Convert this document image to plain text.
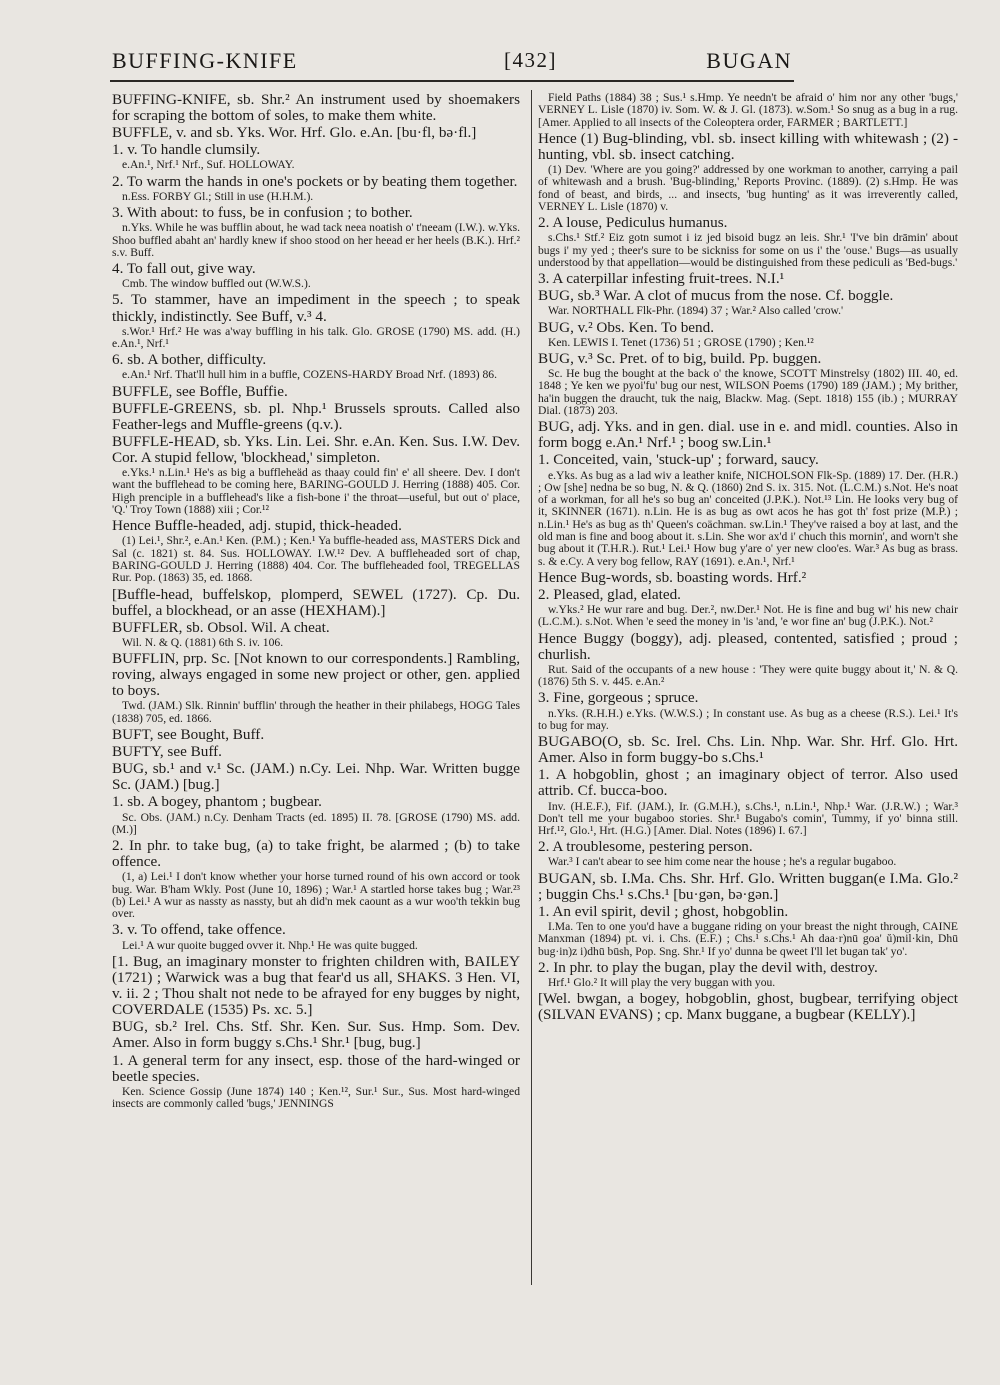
BUFFING-KNIFE	[432]	BUGAN

BUFFING-KNIFE, sb. Shr.² An instrument used by shoemakers for scraping the bottom of soles, to make them white.

BUFFLE, v. and sb. Yks. Wor. Hrf. Glo. e.An. [bu·fl, bə·fl.]

1. v. To handle clumsily.

e.An.¹, Nrf.¹ Nrf., Suf. HOLLOWAY.

2. To warm the hands in one's pockets or by beating them together.

n.Ess. FORBY Gl.; Still in use (H.H.M.).

3. With about: to fuss, be in confusion ; to bother.

n.Yks. While he was bufflin about, he wad tack neea noatish o' t'neeam (I.W.). w.Yks. Shoo buffled abaht an' hardly knew if shoo stood on her heead er her heels (B.K.). Hrf.² s.v. Buff.

4. To fall out, give way.

Cmb. The window buffled out (W.W.S.).

5. To stammer, have an impediment in the speech ; to speak thickly, indistinctly. See Buff, v.³ 4.

s.Wor.¹ Hrf.² He was a'way buffling in his talk. Glo. GROSE (1790) MS. add. (H.) e.An.¹, Nrf.¹

6. sb. A bother, difficulty.

e.An.¹ Nrf. That'll hull him in a buffle, COZENS-HARDY Broad Nrf. (1893) 86.

BUFFLE, see Boffle, Buffie.

BUFFLE-GREENS, sb. pl. Nhp.¹ Brussels sprouts. Called also Feather-legs and Muffle-greens (q.v.).

BUFFLE-HEAD, sb. Yks. Lin. Lei. Shr. e.An. Ken. Sus. I.W. Dev. Cor. A stupid fellow, 'blockhead,' simpleton.

e.Yks.¹ n.Lin.¹ He's as big a buffleheäd as thaay could fin' e' all sheere. Dev. I don't want the bufflehead to be coming here, BARING-GOULD J. Herring (1888) 405. Cor. High prenciple in a bufflehead's like a fish-bone i' the throat—useful, but out o' place, 'Q.' Troy Town (1888) xiii ; Cor.¹²

Hence Buffle-headed, adj. stupid, thick-headed.

(1) Lei.¹, Shr.², e.An.¹ Ken. (P.M.) ; Ken.¹ Ya buffle-headed ass, MASTERS Dick and Sal (c. 1821) st. 84. Sus. HOLLOWAY. I.W.¹² Dev. A buffleheaded sort of chap, BARING-GOULD J. Herring (1888) 404. Cor. The buffleheaded fool, TREGELLAS Rur. Pop. (1863) 35, ed. 1868.

[Buffle-head, buffelskop, plomperd, SEWEL (1727). Cp. Du. buffel, a blockhead, or an asse (HEXHAM).]

BUFFLER, sb. Obsol. Wil. A cheat.

Wil. N. & Q. (1881) 6th S. iv. 106.

BUFFLIN, prp. Sc. [Not known to our correspondents.] Rambling, roving, always engaged in some new project or other, gen. applied to boys.

Twd. (JAM.) Slk. Rinnin' bufflin' through the heather in their philabegs, HOGG Tales (1838) 705, ed. 1866.

BUFT, see Bought, Buff.

BUFTY, see Buff.

BUG, sb.¹ and v.¹ Sc. (JAM.) n.Cy. Lei. Nhp. War. Written bugge Sc. (JAM.) [bug.]

1. sb. A bogey, phantom ; bugbear.

Sc. Obs. (JAM.) n.Cy. Denham Tracts (ed. 1895) II. 78. [GROSE (1790) MS. add. (M.)]

2. In phr. to take bug, (a) to take fright, be alarmed ; (b) to take offence.

(1, a) Lei.¹ I don't know whether your horse turned round of his own accord or took bug. War. B'ham Wkly. Post (June 10, 1896) ; War.¹ A startled horse takes bug ; War.²³ (b) Lei.¹ A wur as nassty as nassty, but ah did'n mek caount as a wur woo'th tekkin bug over.

3. v. To offend, take offence.

Lei.¹ A wur quoite bugged ovver it. Nhp.¹ He was quite bugged.

[1. Bug, an imaginary monster to frighten children with, BAILEY (1721) ; Warwick was a bug that fear'd us all, SHAKS. 3 Hen. VI, v. ii. 2 ; Thou shalt not nede to be afrayed for eny bugges by night, COVERDALE (1535) Ps. xc. 5.]

BUG, sb.² Irel. Chs. Stf. Shr. Ken. Sur. Sus. Hmp. Som. Dev. Amer. Also in form buggy s.Chs.¹ Shr.¹ [bug, bug.]

1. A general term for any insect, esp. those of the hard-winged or beetle species.

Ken. Science Gossip (June 1874) 140 ; Ken.¹², Sur.¹ Sur., Sus. Most hard-winged insects are commonly called 'bugs,' JENNINGS

Field Paths (1884) 38 ; Sus.¹ s.Hmp. Ye needn't be afraid o' him nor any other 'bugs,' VERNEY L. Lisle (1870) iv. Som. W. & J. Gl. (1873). w.Som.¹ So snug as a bug in a rug. [Amer. Applied to all insects of the Coleoptera order, FARMER ; BARTLETT.]

Hence (1) Bug-blinding, vbl. sb. insect killing with whitewash ; (2) -hunting, vbl. sb. insect catching.

(1) Dev. 'Where are you going?' addressed by one workman to another, carrying a pail of whitewash and a brush. 'Bug-blinding,' Reports Provinc. (1889). (2) s.Hmp. He was fond of beast, and birds, ... and insects, 'bug hunting' as it was irreverently called, VERNEY L. Lisle (1870) v.

2. A louse, Pediculus humanus.

s.Chs.¹ Stf.² Eiz gotn sumot i iz jed bisoid bugz ən leis. Shr.¹ 'I've bin drāmin' about bugs i' my yed ; theer's sure to be sickniss for some on us i' the 'ouse.' Bugs—as usually understood by that appellation—would be distinguished from these pediculi as 'Bed-bugs.'

3. A caterpillar infesting fruit-trees. N.I.¹

BUG, sb.³ War. A clot of mucus from the nose. Cf. boggle.

War. NORTHALL Flk-Phr. (1894) 37 ; War.² Also called 'crow.'

BUG, v.² Obs. Ken. To bend.

Ken. LEWIS I. Tenet (1736) 51 ; GROSE (1790) ; Ken.¹²

BUG, v.³ Sc. Pret. of to big, build. Pp. buggen.

Sc. He bug the bought at the back o' the knowe, SCOTT Minstrelsy (1802) III. 40, ed. 1848 ; Ye ken we pyoi'fu' bug our nest, WILSON Poems (1790) 189 (JAM.) ; My brither, ha'in buggen the draucht, tuk the naig, Blackw. Mag. (Sept. 1818) 155 (ib.) ; MURRAY Dial. (1873) 203.

BUG, adj. Yks. and in gen. dial. use in e. and midl. counties. Also in form bogg e.An.¹ Nrf.¹ ; boog sw.Lin.¹

1. Conceited, vain, 'stuck-up' ; forward, saucy.

e.Yks. As bug as a lad wiv a leather knife, NICHOLSON Flk-Sp. (1889) 17. Der. (H.R.) ; Ow [she] nedna be so bug, N. & Q. (1860) 2nd S. ix. 315. Not. (L.C.M.) s.Not. He's noat of a workman, for all he's so bug an' conceited (J.P.K.). Not.¹³ Lin. He looks very bug of it, SKINNER (1671). n.Lin. He is as bug as owt acos he has got th' fost prize (M.P.) ; n.Lin.¹ He's as bug as th' Queen's coächman. sw.Lin.¹ They've raised a boy at last, and the old man is fine and boog about it. s.Lin. She wor ax'd i' chuch this mornin', and worn't she bug about it (T.H.R.). Rut.¹ Lei.¹ How bug y'are o' yer new cloo'es. War.³ As bug as brass. s. & e.Cy. A very bog fellow, RAY (1691). e.An.¹, Nrf.¹

Hence Bug-words, sb. boasting words. Hrf.²

2. Pleased, glad, elated.

w.Yks.² He wur rare and bug. Der.², nw.Der.¹ Not. He is fine and bug wi' his new chair (L.C.M.). s.Not. When 'e seed the money in 'is 'and, 'e wor fine an' bug (J.P.K.). Not.²

Hence Buggy (boggy), adj. pleased, contented, satisfied ; proud ; churlish.

Rut. Said of the occupants of a new house : 'They were quite buggy about it,' N. & Q. (1876) 5th S. v. 445. e.An.²

3. Fine, gorgeous ; spruce.

n.Yks. (R.H.H.) e.Yks. (W.W.S.) ; In constant use. As bug as a cheese (R.S.). Lei.¹ It's to bug for may.

BUGABO(O, sb. Sc. Irel. Chs. Lin. Nhp. War. Shr. Hrf. Glo. Hrt. Amer. Also in form buggy-bo s.Chs.¹

1. A hobgoblin, ghost ; an imaginary object of terror. Also used attrib. Cf. bucca-boo.

Inv. (H.E.F.), Fif. (JAM.), Ir. (G.M.H.), s.Chs.¹, n.Lin.¹, Nhp.¹ War. (J.R.W.) ; War.³ Don't tell me your bugaboo stories. Shr.¹ Bugabo's comin', Tummy, if yo' binna still. Hrf.¹², Glo.¹, Hrt. (H.G.) [Amer. Dial. Notes (1896) I. 67.]

2. A troublesome, pestering person.

War.³ I can't abear to see him come near the house ; he's a regular bugaboo.

BUGAN, sb. I.Ma. Chs. Shr. Hrf. Glo. Written buggan(e I.Ma. Glo.² ; buggin Chs.¹ s.Chs.¹ [bu·gən, bə·gən.]

1. An evil spirit, devil ; ghost, hobgoblin.

I.Ma. Ten to one you'd have a buggane riding on your breast the night through, CAINE Manxman (1894) pt. vi. i. Chs. (E.F.) ; Chs.¹ s.Chs.¹ Ah daa·r)nū goa' ŭ)mil·kin, Dhū bug·in)z i)dhū būsh, Pop. Sng. Shr.¹ If yo' dunna be qweet I'll let bugan tak' yo'.

2. In phr. to play the bugan, play the devil with, destroy.

Hrf.¹ Glo.² It will play the very buggan with you.

[Wel. bwgan, a bogey, hobgoblin, ghost, bugbear, terrifying object (SILVAN EVANS) ; cp. Manx buggane, a bugbear (KELLY).]
